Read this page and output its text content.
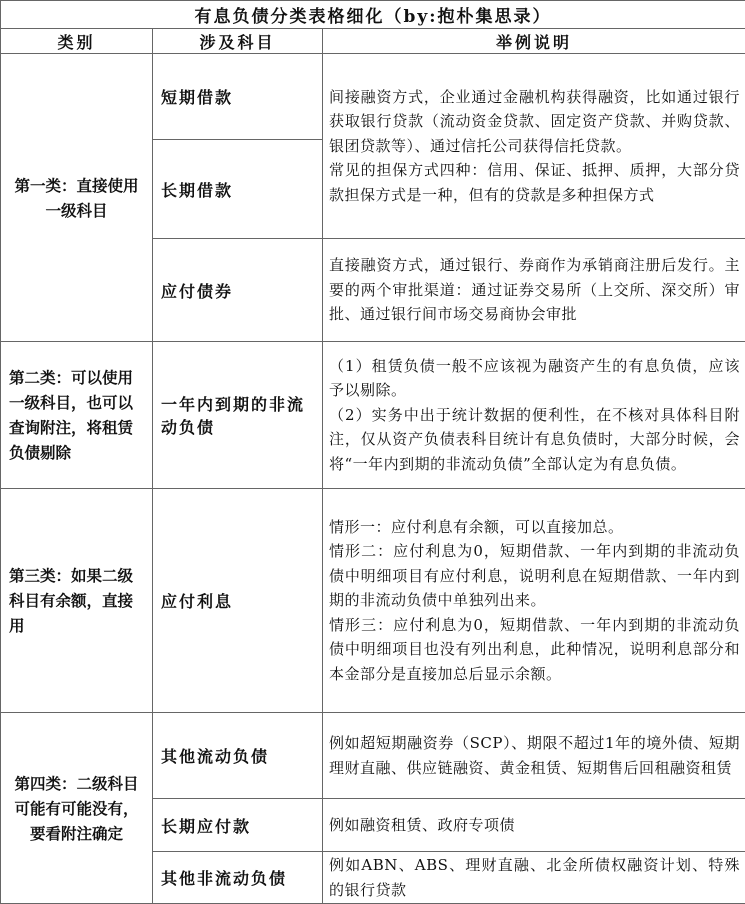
有息负债分类表格细化（by:抱朴集思录）		
类别	涉及科目	举例说明
第一类：直接使用一级科目	短期借款	间接融资方式，企业通过金融机构获得融资，比如通过银行获取银行贷款（流动资金贷款、固定资产贷款、并购贷款、银团贷款等）、通过信托公司获得信托贷款。
常见的担保方式四种：信用、保证、抵押、质押，大部分贷款担保方式是一种，但有的贷款是多种担保方式

	长期借款	
	应付债券	直接融资方式，通过银行、券商作为承销商注册后发行。主要的两个审批渠道：通过证券交易所（上交所、深交所）审批、通过银行间市场交易商协会审批
第二类：可以使用一级科目，也可以查询附注，将租赁负债剔除	一年内到期的非流动负债	（1）租赁负债一般不应该视为融资产生的有息负债，应该予以剔除。
（2）实务中出于统计数据的便利性，在不核对具体科目附注，仅从资产负债表科目统计有息负债时，大部分时候，会将“一年内到期的非流动负债”全部认定为有息负债。

第三类：如果二级科目有余额，直接用	应付利息	情形一：应付利息有余额，可以直接加总。
情形二：应付利息为0，短期借款、一年内到期的非流动负债中明细项目有应付利息，说明利息在短期借款、一年内到期的非流动负债中单独列出来。
情形三：应付利息为0，短期借款、一年内到期的非流动负债中明细项目也没有列出利息，此种情况，说明利息部分和本金部分是直接加总后显示余额。

第四类：二级科目可能有可能没有，要看附注确定	其他流动负债	例如超短期融资券（SCP）、期限不超过1年的境外债、短期理财直融、供应链融资、黄金租赁、短期售后回租融资租赁
	长期应付款	例如融资租赁、政府专项债
	其他非流动负债	例如ABN、ABS、理财直融、北金所债权融资计划、特殊的银行贷款
